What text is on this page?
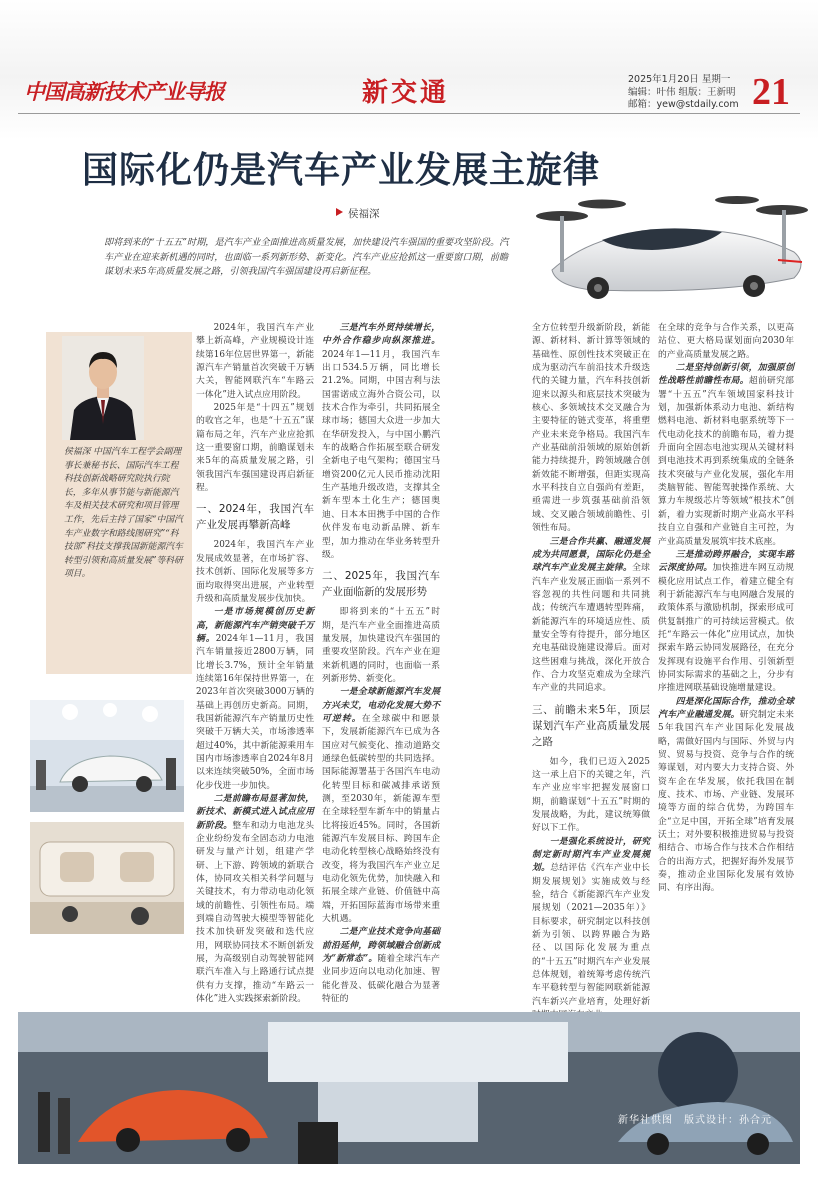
中国高新技术产业导报	新交通	2025年1月20日 星期一
编辑：叶伟 组版：王新明
邮箱：yew@stdaily.com 21
国际化仍是汽车产业发展主旋律
侯福深

即将到来的“十五五”时期，是汽车产业全面推进高质量发展，加快建设汽车强国的重要攻坚阶段。汽车产业在迎来新机遇的同时，也面临一系列新形势、新变化。汽车产业应抢抓这一重要窗口期，前瞻谋划未来5年高质量发展之路，引领我国汽车强国建设再启新征程。

侯福深 中国汽车工程学会副理事长兼秘书长、国际汽车工程科技创新战略研究院执行院长，多年从事节能与新能源汽车及相关技术研究和项目管理工作，先后主持了国家“中国汽车产业数字和路线图研究”“科技部”科技支撑我国新能源汽车转型引领和高质量发展”等科研项目。

2024年，我国汽车产业攀上新高峰，产业规模设计连续第16年位居世界第一，新能源汽车产销量首次突破千万辆大关，智能网联汽车“车路云一体化”进入试点应用阶段。

2025年是“十四五”规划的收官之年，也是“十五五”谋篇布局之年，汽车产业应抢抓这一重要窗口期，前瞻谋划未来5年的高质量发展之路，引领我国汽车强国建设再启新征程。

一、2024年，我国汽车产业发展再攀新高峰

2024年，我国汽车产业发展成效显著，在市场扩容、技术创新、国际化发展等多方面均取得突出进展，产业转型升级和高质量发展步伐加快。

一是市场规模创历史新高，新能源汽车产销突破千万辆。2024年1—11月，我国汽车销量接近2800万辆，同比增长3.7%，预计全年销量连续第16年保持世界第一，在2023年首次突破3000万辆的基础上再创历史新高。同期，我国新能源汽车产销量历史性突破千万辆大关，市场渗透率超过40%，其中新能源乘用车国内市场渗透率自2024年8月以来连续突破50%，全面市场化步伐进一步加快。

二是前瞻布局显著加快，新技术、新模式进入试点应用新阶段。整车和动力电池龙头企业纷纷发布全固态动力电池研发与量产计划，组建产学研、上下游、跨领域的新联合体，协同攻关相关科学问题与关键技术，有力带动电动化领域的前瞻性、引领性布局。端到端自动驾驶大模型等智能化技术加快研发突破和迭代应用，网联协同技术不断创新发展，为高级别自动驾驶智能网联汽车准入与上路通行试点提供有力支撑，推动“车路云一体化”进入实践探索新阶段。

三是汽车外贸持续增长，中外合作稳步向纵深推进。2024年1—11月，我国汽车出口534.5万辆，同比增长21.2%。同期，中国吉利与法国雷诺成立海外合资公司，以技术合作为牵引，共同拓展全球市场；德国大众进一步加大在华研发投入，与中国小鹏汽车的战略合作拓展至联合研发全新电子电气架构；德国宝马增资200亿元人民币推动沈阳生产基地升级改造，支撑其全新车型本土化生产；德国奥迪、日本本田携手中国的合作伙伴发布电动新品牌、新车型，加力推动在华业务转型升级。

二、2025年，我国汽车产业面临新的发展形势

即将到来的“十五五”时期，是汽车产业全面推进高质量发展，加快建设汽车强国的重要攻坚阶段。汽车产业在迎来新机遇的同时，也面临一系列新形势、新变化。

一是全球新能源汽车发展方兴未艾，电动化发展大势不可逆转。在全球碳中和愿景下，发展新能源汽车已成为各国应对气候变化、推动道路交通绿色低碳转型的共同选择。国际能源署基于各国汽车电动化转型目标和碳减排承诺预测，至2030年，新能源车型在全球轻型车新车中的销量占比将接近45%。同时，各国新能源汽车发展目标、跨国车企电动化转型核心战略始终没有改变，将为我国汽车产业立足电动化领先优势，加快融入和拓展全球产业链、价值链中高端，开拓国际蓝海市场带来重大机遇。

二是产业技术竞争向基础前沿延伸，跨领域融合创新成为“新常态”。随着全球汽车产业同步迈向以电动化加速、智能化普及、低碳化融合为显著特征的

全方位转型升级新阶段，新能源、新材料、新计算等领域的基础性、原创性技术突破正在成为驱动汽车前沿技术升级迭代的关键力量，汽车科技创新迎来以源头和底层技术突破为核心、多领域技术交叉融合为主要特征的链式变革，将重塑产业未来竞争格局。我国汽车产业基础前沿领域的原始创新能力持续提升，跨领域融合创新效能不断增强，但距实现高水平科技自立自强尚有差距，亟需进一步筑强基础前沿领域、交叉融合领域前瞻性、引领性布局。

三是合作共赢、融通发展成为共同愿景，国际化仍是全球汽车产业发展主旋律。全球汽车产业发展正面临一系列不容忽视的共性问题和共同挑战；传统汽车遭遇转型阵痛，新能源汽车的环境适应性、质量安全等有待提升，部分地区充电基础设施建设滞后。面对这些困难与挑战，深化开放合作、合力攻坚克难成为全球汽车产业的共同追求。

三、前瞻未来5年，顶层谋划汽车产业高质量发展之路

如今，我们已迈入2025这一承上启下的关键之年，汽车产业应牢牢把握发展窗口期，前瞻谋划“十五五”时期的发展战略，为此，建议统筹做好以下工作。

一是强化系统设计，研究制定新时期汽车产业发展规划。总结评估《汽车产业中长期发展规划》实施成效与经验，结合《新能源汽车产业发展规划（2021—2035年）》目标要求，研究制定以科技创新为引领、以跨界融合为路径、以国际化发展为重点的“十五五”时期汽车产业发展总体规划，着统筹考虑传统汽车平稳转型与智能网联新能源汽车新兴产业培育，处理好新

在全球的竞争与合作关系，以更高站位、更大格局谋划面向2030年的产业高质量发展之路。

二是坚持创新引领，加强原创性战略性前瞻性布局。超前研究部署“十五五”汽车领域国家科技计划，加强新体系动力电池、新结构燃料电池、新材料电驱系统等下一代电动化技术的前瞻布局，着力提升面向全固态电池实现从关键材料到电池技术再到系统集成的全链条技术突破与产业化发展，强化车用类脑智能、智能驾驶操作系统、大算力车规级芯片等领域“根技术”创新，着力实现新时期产业高水平科技自立自强和产业链自主可控，为产业高质量发展筑牢技术底座。

三是推动跨界融合，实现车路云深度协同。加快推进车网互动规模化应用试点工作，着建立健全有利于新能源汽车与电网融合发展的政策体系与激励机制，探索形成可供复制推广的可持续运营模式。依托“车路云一体化”应用试点，加快探索车路云协同发展路径，在充分发挥现有设施平台作用、引领新型协同实际需求的基础之上，分步有序推进网联基础设施增量建设。

四是深化国际合作，推动全球汽车产业融通发展。研究制定未来5年我国汽车产业国际化发展战略，需做好国内与国际、外贸与内贸、贸易与投资、竞争与合作的统筹谋划，对内要大力支持合资、外资车企在华发展，依托我国在制度、技术、市场、产业链、发展环境等方面的综合优势，为跨国车企“立足中国，开拓全球”培育发展沃土；对外要积极推进贸易与投资相结合、市场合作与技术合作相结合的出海方式，把握好海外发展节奏，推动企业国际化发展有效协同、有序出海。

新华社供图　版式设计：孙合元
